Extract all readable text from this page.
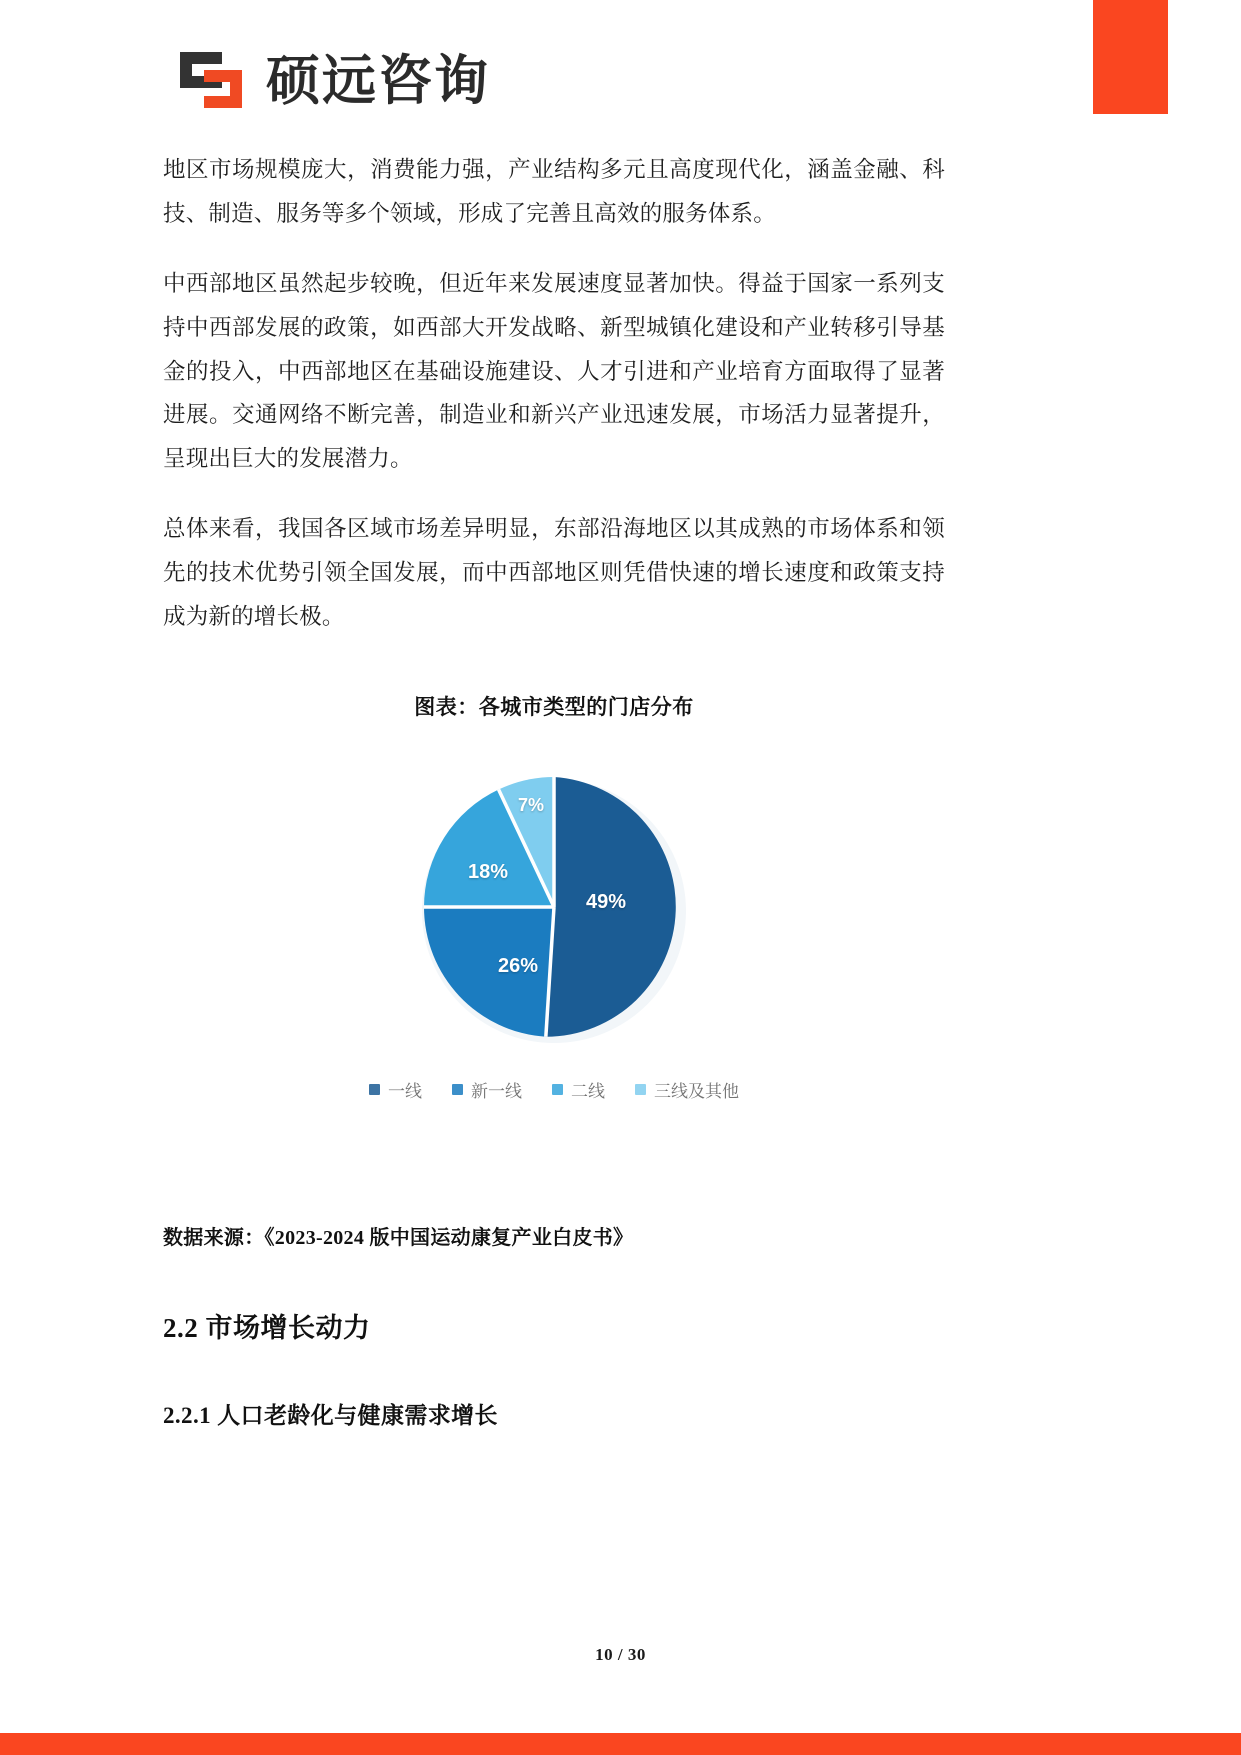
硕远咨询

地区市场规模庞大，消费能力强，产业结构多元且高度现代化，涵盖金融、科技、制造、服务等多个领域，形成了完善且高效的服务体系。

中西部地区虽然起步较晚，但近年来发展速度显著加快。得益于国家一系列支持中西部发展的政策，如西部大开发战略、新型城镇化建设和产业转移引导基金的投入，中西部地区在基础设施建设、人才引进和产业培育方面取得了显著进展。交通网络不断完善，制造业和新兴产业迅速发展，市场活力显著提升，呈现出巨大的发展潜力。

总体来看，我国各区域市场差异明显，东部沿海地区以其成熟的市场体系和领先的技术优势引领全国发展，而中西部地区则凭借快速的增长速度和政策支持成为新的增长极。

图表：各城市类型的门店分布
49%
26%
18%
7%
一线	新一线	二线	三线及其他
数据来源：《2023-2024 版中国运动康复产业白皮书》
2.2 市场增长动力
2.2.1 人口老龄化与健康需求增长
10 / 30
